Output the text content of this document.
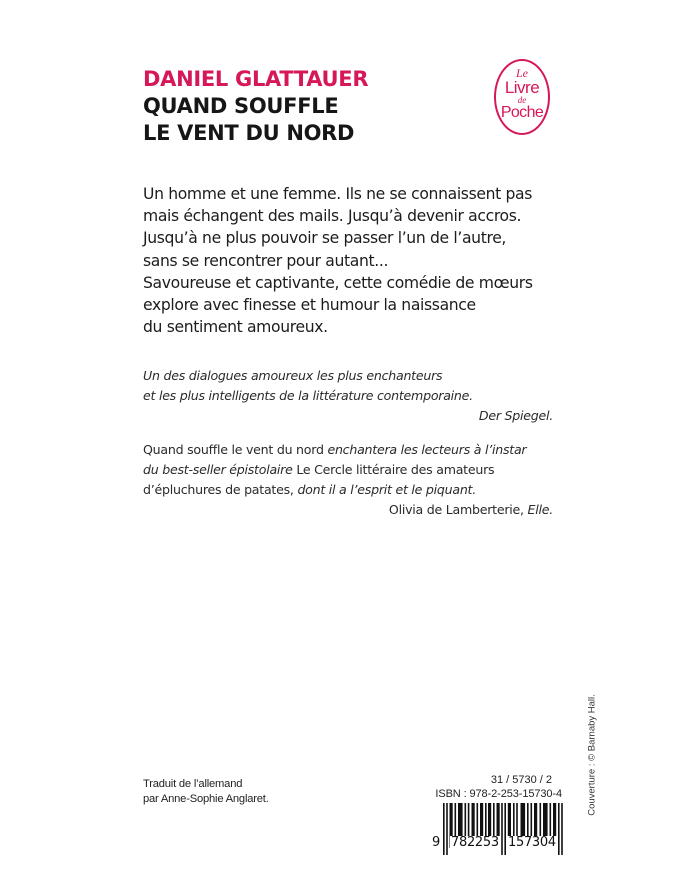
DANIEL GLATTAUER
QUAND SOUFFLE
LE VENT DU NORD
Le
Livre
de
Poche
Un homme et une femme. Ils ne se connaissent pas
mais échangent des mails. Jusqu’à devenir accros.
Jusqu’à ne plus pouvoir se passer l’un de l’autre,
sans se rencontrer pour autant...
Savoureuse et captivante, cette comédie de mœurs
explore avec finesse et humour la naissance
du sentiment amoureux.
Un des dialogues amoureux les plus enchanteurs
et les plus intelligents de la littérature contemporaine.
Der Spiegel.
Quand souffle le vent du nord enchantera les lecteurs à l’instar
du best-seller épistolaire Le Cercle littéraire des amateurs
d’épluchures de patates, dont il a l’esprit et le piquant.
Olivia de Lamberterie, Elle.
Traduit de l’allemand
par Anne-Sophie Anglaret.
31 / 5730 / 2
ISBN : 978-2-253-15730-4
9 782253 157304
Couverture : © Barnaby Hall.
